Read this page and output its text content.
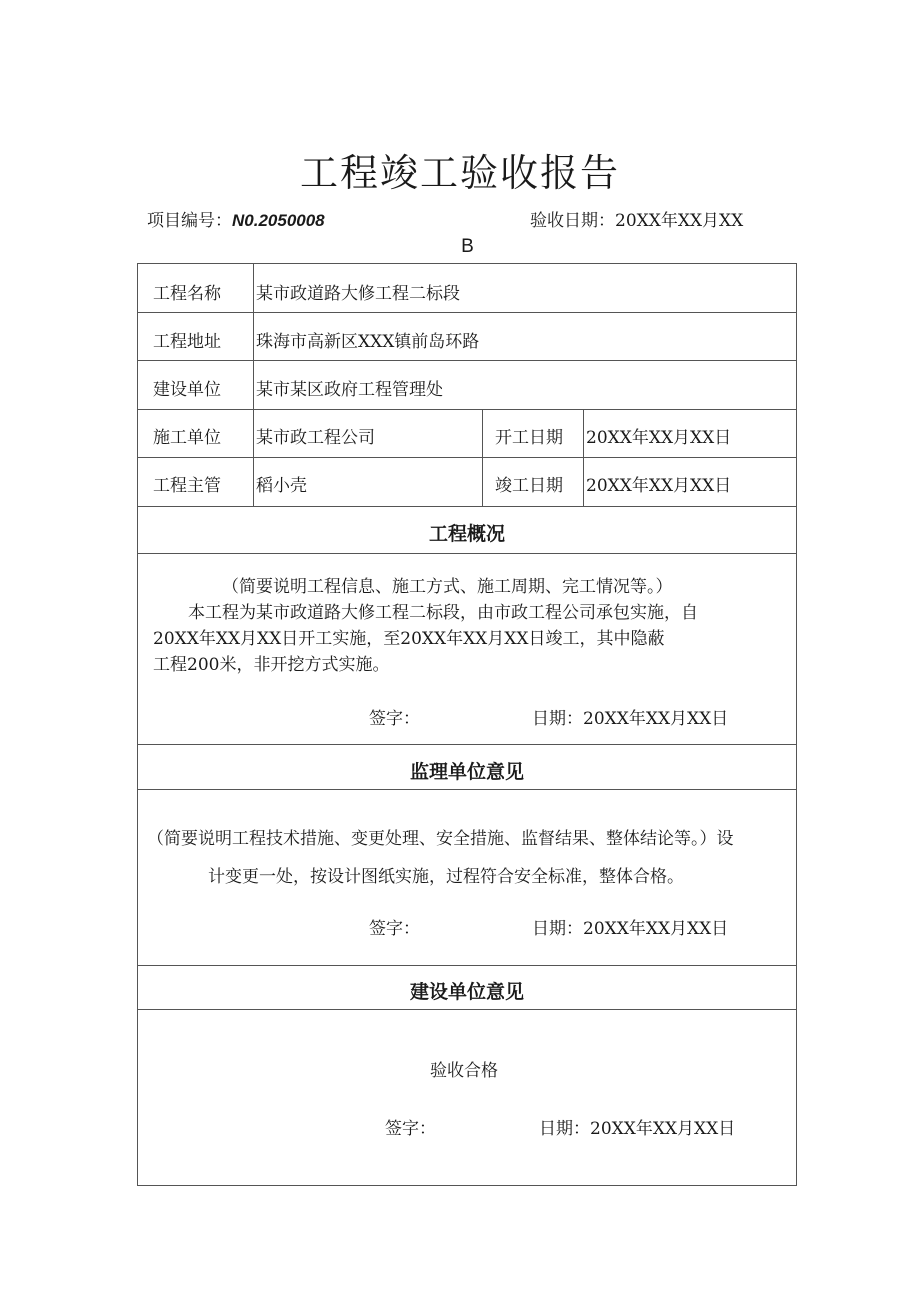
工程竣工验收报告
项目编号：N0.2050008	验收日期：20XX年XX月XX
B
工程名称 某市政道路大修工程二标段
工程地址 珠海市高新区XXX镇前岛环路
建设单位 某市某区政府工程管理处
施工单位 某市政工程公司	开工日期 20XX年XX月XX日
工程主管 稻小壳	竣工日期 20XX年XX月XX日
工程概况
（简要说明工程信息、施工方式、施工周期、完工情况等。）
本工程为某市政道路大修工程二标段，由市政工程公司承包实施，自
20XX年XX月XX日开工实施，至20XX年XX月XX日竣工，其中隐蔽
工程200米，非开挖方式实施。
签字：	日期：20XX年XX月XX日
监理单位意见
（简要说明工程技术措施、变更处理、安全措施、监督结果、整体结论等。）设
计变更一处，按设计图纸实施，过程符合安全标准，整体合格。
签字：	日期：20XX年XX月XX日
建设单位意见
验收合格
签字：	日期：20XX年XX月XX日
